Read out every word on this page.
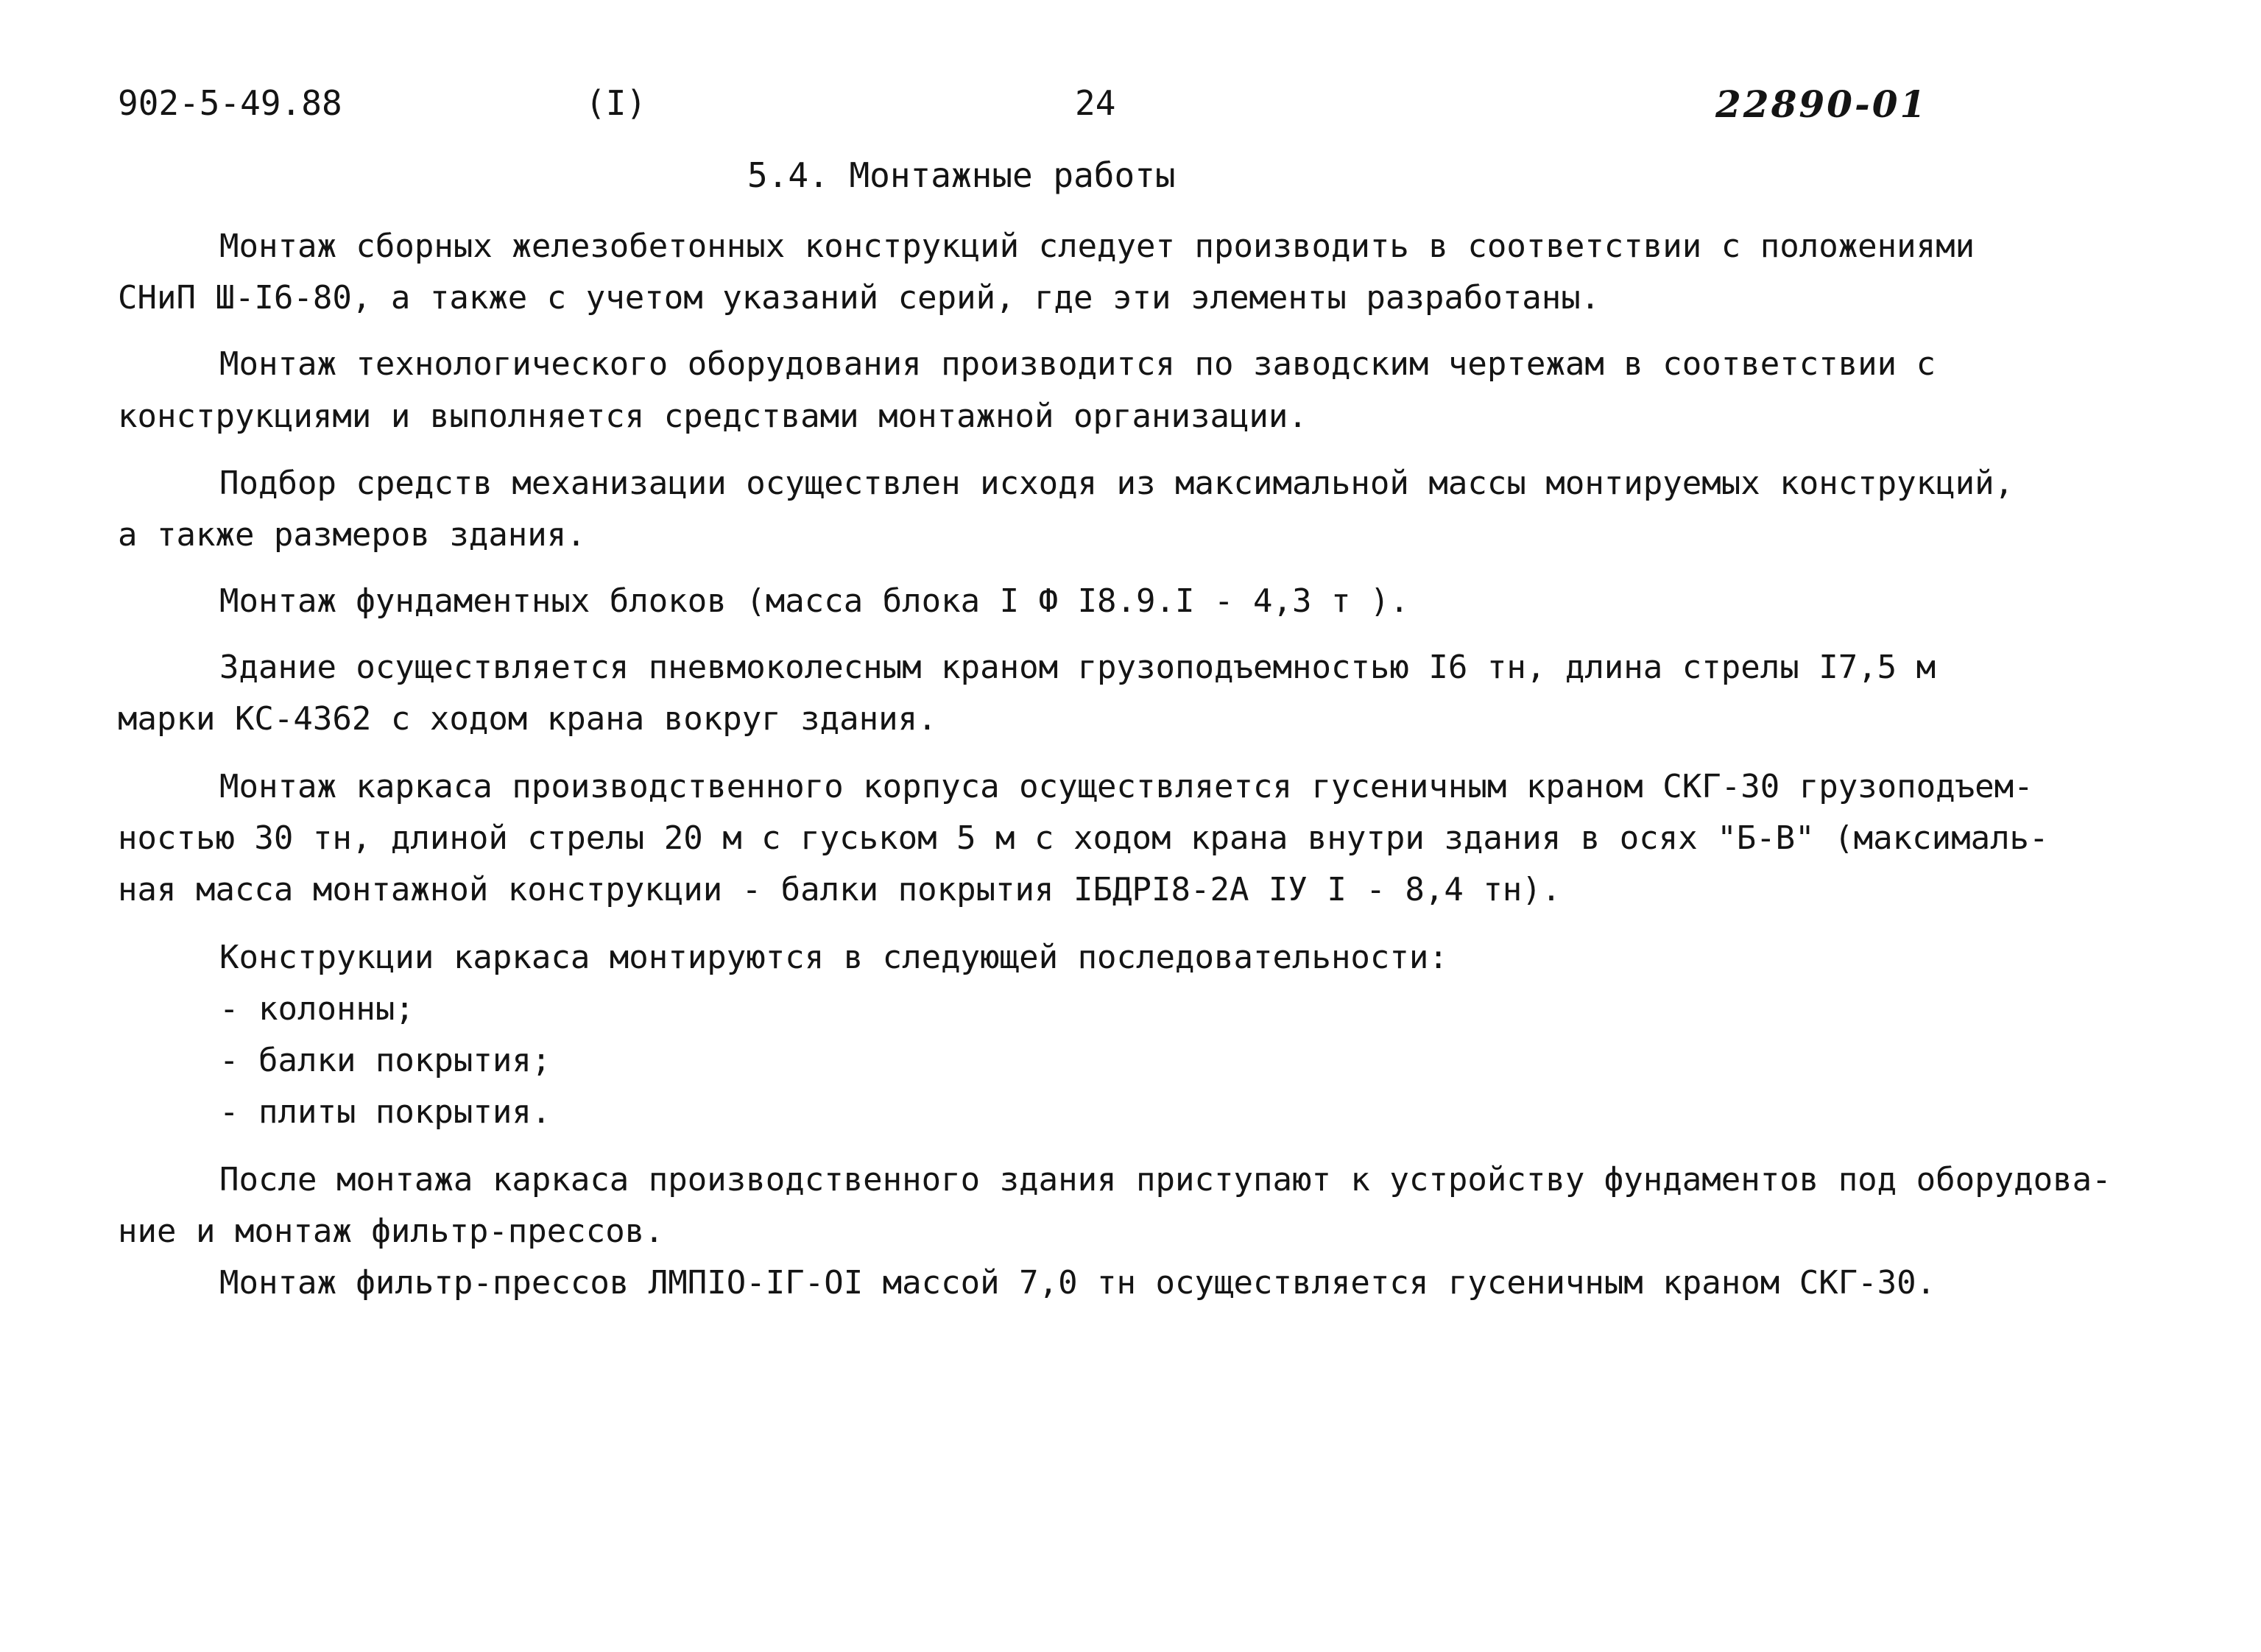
902-5-49.88	(I)	24	22890-01
5.4. Монтажные работы
Монтаж сборных железобетонных конструкций следует производить в соответствии с положениями
СНиП Ш-I6-80, а также с учетом указаний серий, где эти элементы разработаны.
Монтаж технологического оборудования производится по заводским чертежам в соответствии с
конструкциями и выполняется средствами монтажной организации.
Подбор средств механизации осуществлен исходя из максимальной массы монтируемых конструкций,
а также размеров здания.
Монтаж фундаментных блоков (масса блока I Ф I8.9.I - 4,3 т ).
Здание осуществляется пневмоколесным краном грузоподъемностью I6 тн, длина стрелы I7,5 м
марки КС-4362 с ходом крана вокруг здания.
Монтаж каркаса производственного корпуса осуществляется гусеничным краном СКГ-30 грузоподъем-
ностью 30 тн, длиной стрелы 20 м с гуськом 5 м с ходом крана внутри здания в осях "Б-В" (максималь-
ная масса монтажной конструкции - балки покрытия IБДРI8-2А IУ I - 8,4 тн).
Конструкции каркаса монтируются в следующей последовательности:
- колонны;
- балки покрытия;
- плиты покрытия.
После монтажа каркаса производственного здания приступают к устройству фундаментов под оборудова-
ние и монтаж фильтр-прессов.
Монтаж фильтр-прессов ЛМПIО-IГ-ОI массой 7,0 тн осуществляется гусеничным краном СКГ-30.
